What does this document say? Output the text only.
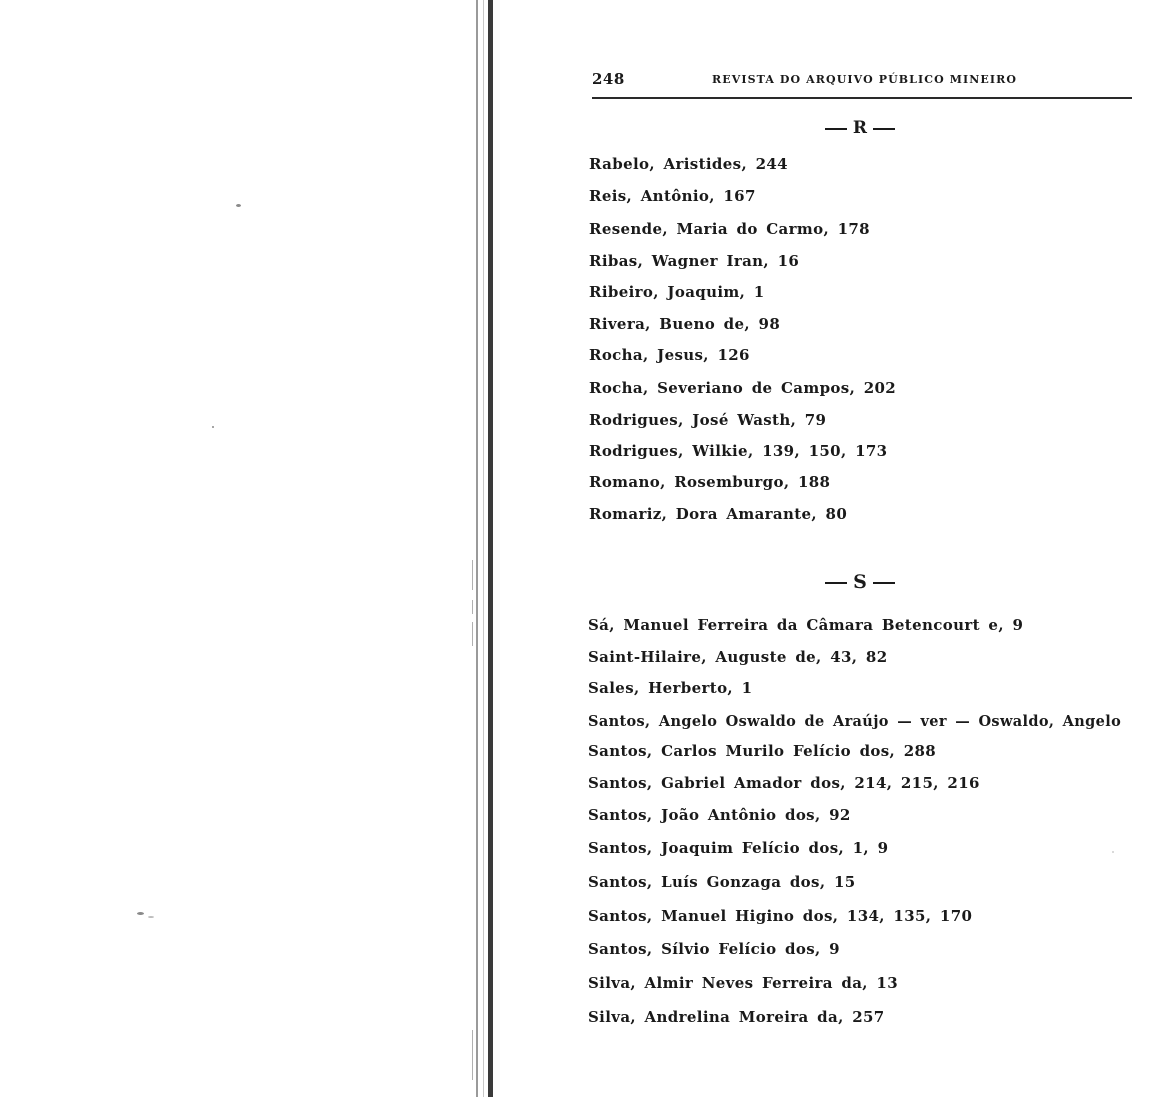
248	REVISTA DO ARQUIVO PÚBLICO MINEIRO
R
Rabelo, Aristides, 244
Reis, Antônio, 167
Resende, Maria do Carmo, 178
Ribas, Wagner Iran, 16
Ribeiro, Joaquim, 1
Rivera, Bueno de, 98
Rocha, Jesus, 126
Rocha, Severiano de Campos, 202
Rodrigues, José Wasth, 79
Rodrigues, Wilkie, 139, 150, 173
Romano, Rosemburgo, 188
Romariz, Dora Amarante, 80
S
Sá, Manuel Ferreira da Câmara Betencourt e, 9
Saint-Hilaire, Auguste de, 43, 82
Sales, Herberto, 1
Santos, Angelo Oswaldo de Araújo — ver — Oswaldo, Angelo
Santos, Carlos Murilo Felício dos, 288
Santos, Gabriel Amador dos, 214, 215, 216
Santos, João Antônio dos, 92
Santos, Joaquim Felício dos, 1, 9
Santos, Luís Gonzaga dos, 15
Santos, Manuel Higino dos, 134, 135, 170
Santos, Sílvio Felício dos, 9
Silva, Almir Neves Ferreira da, 13
Silva, Andrelina Moreira da, 257
